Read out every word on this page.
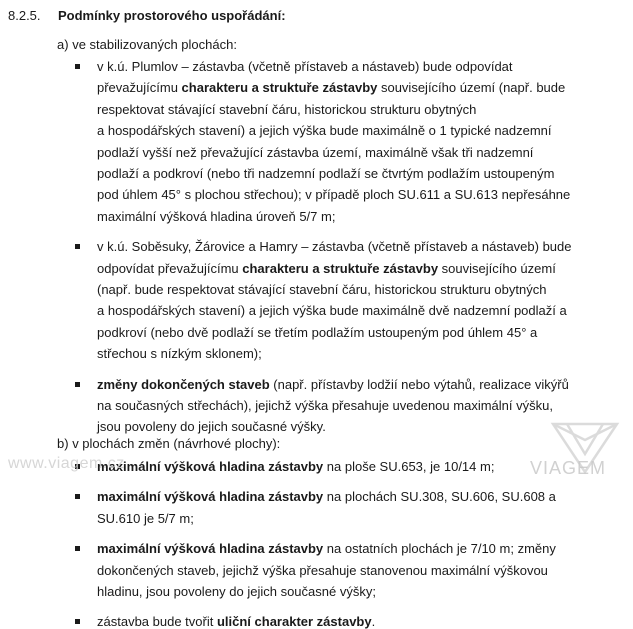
8.2.5. Podmínky prostorového uspořádání:
a) ve stabilizovaných plochách:
v k.ú. Plumlov – zástavba (včetně přístaveb a nástaveb) bude odpovídat
převažujícímu charakteru a struktuře zástavby souvisejícího území (např. bude
respektovat stávající stavební čáru, historickou strukturu obytných
a hospodářských stavení) a jejich výška bude maximálně o 1 typické nadzemní
podlaží vyšší než převažující zástavba území, maximálně však tři nadzemní
podlaží a podkroví (nebo tři nadzemní podlaží se čtvrtým podlažím ustoupeným
pod úhlem 45° s plochou střechou); v případě ploch SU.611 a SU.613 nepřesáhne
maximální výšková hladina úroveň 5/7 m;
v k.ú. Soběsuky, Žárovice a Hamry – zástavba (včetně přístaveb a nástaveb) bude
odpovídat převažujícímu charakteru a struktuře zástavby souvisejícího území
(např. bude respektovat stávající stavební čáru, historickou strukturu obytných
a hospodářských stavení) a jejich výška bude maximálně dvě nadzemní podlaží a
podkroví (nebo dvě podlaží se třetím podlažím ustoupeným pod úhlem 45° a
střechou s nízkým sklonem);
změny dokončených staveb (např. přístavby lodžií nebo výtahů, realizace vikýřů
na současných střechách), jejichž výška přesahuje uvedenou maximální výšku,
jsou povoleny do jejich současné výšky.
b) v plochách změn (návrhové plochy):
maximální výšková hladina zástavby na ploše SU.653, je 10/14 m;
maximální výšková hladina zástavby na plochách SU.308, SU.606, SU.608 a
SU.610 je 5/7 m;
maximální výšková hladina zástavby na ostatních plochách je 7/10 m; změny
dokončených staveb, jejichž výška přesahuje stanovenou maximální výškovou
hladinu, jsou povoleny do jejich současné výšky;
zástavba bude tvořit uliční charakter zástavby.
www.viagem.cz	VIAGEM
